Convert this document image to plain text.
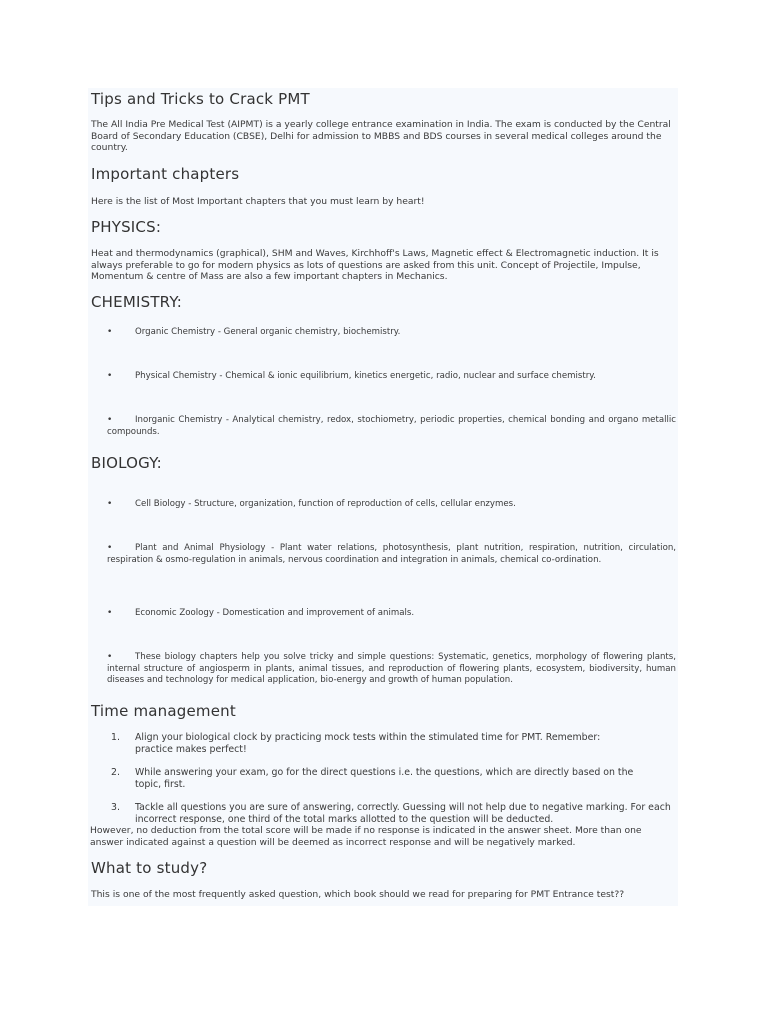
Tips and Tricks to Crack PMT

The All India Pre Medical Test (AIPMT) is a yearly college entrance examination in India. The exam is conducted by the Central Board of Secondary Education (CBSE), Delhi for admission to MBBS and BDS courses in several medical colleges around the country.

Important chapters

Here is the list of Most Important chapters that you must learn by heart!

PHYSICS:

Heat and thermodynamics (graphical), SHM and Waves, Kirchhoff's Laws, Magnetic effect & Electromagnetic induction. It is always preferable to go for modern physics as lots of questions are asked from this unit. Concept of Projectile, Impulse, Momentum & centre of Mass are also a few important chapters in Mechanics.

CHEMISTRY:
•	Organic Chemistry - General organic chemistry, biochemistry.
•	Physical Chemistry - Chemical & ionic equilibrium, kinetics energetic, radio, nuclear and surface chemistry.
•	Inorganic Chemistry - Analytical chemistry, redox, stochiometry, periodic properties, chemical bonding and organo metallic compounds.
BIOLOGY:
•	Cell Biology - Structure, organization, function of reproduction of cells, cellular enzymes.
•	Plant and Animal Physiology - Plant water relations, photosynthesis, plant nutrition, respiration, nutrition, circulation, respiration & osmo-regulation in animals, nervous coordination and integration in animals, chemical co-ordination.
•	Economic Zoology - Domestication and improvement of animals.
•	These biology chapters help you solve tricky and simple questions: Systematic, genetics, morphology of flowering plants, internal structure of angiosperm in plants, animal tissues, and reproduction of flowering plants, ecosystem, biodiversity, human diseases and technology for medical application, bio-energy and growth of human population.
Time management
1.	Align your biological clock by practicing mock tests within the stimulated time for PMT. Remember: practice makes perfect!
2.	While answering your exam, go for the direct questions i.e. the questions, which are directly based on the topic, first.
3.	Tackle all questions you are sure of answering, correctly. Guessing will not help due to negative marking. For each incorrect response, one third of the total marks allotted to the question will be deducted.

However, no deduction from the total score will be made if no response is indicated in the answer sheet. More than one answer indicated against a question will be deemed as incorrect response and will be negatively marked.

What to study?

This is one of the most frequently asked question, which book should we read for preparing for PMT Entrance test??
